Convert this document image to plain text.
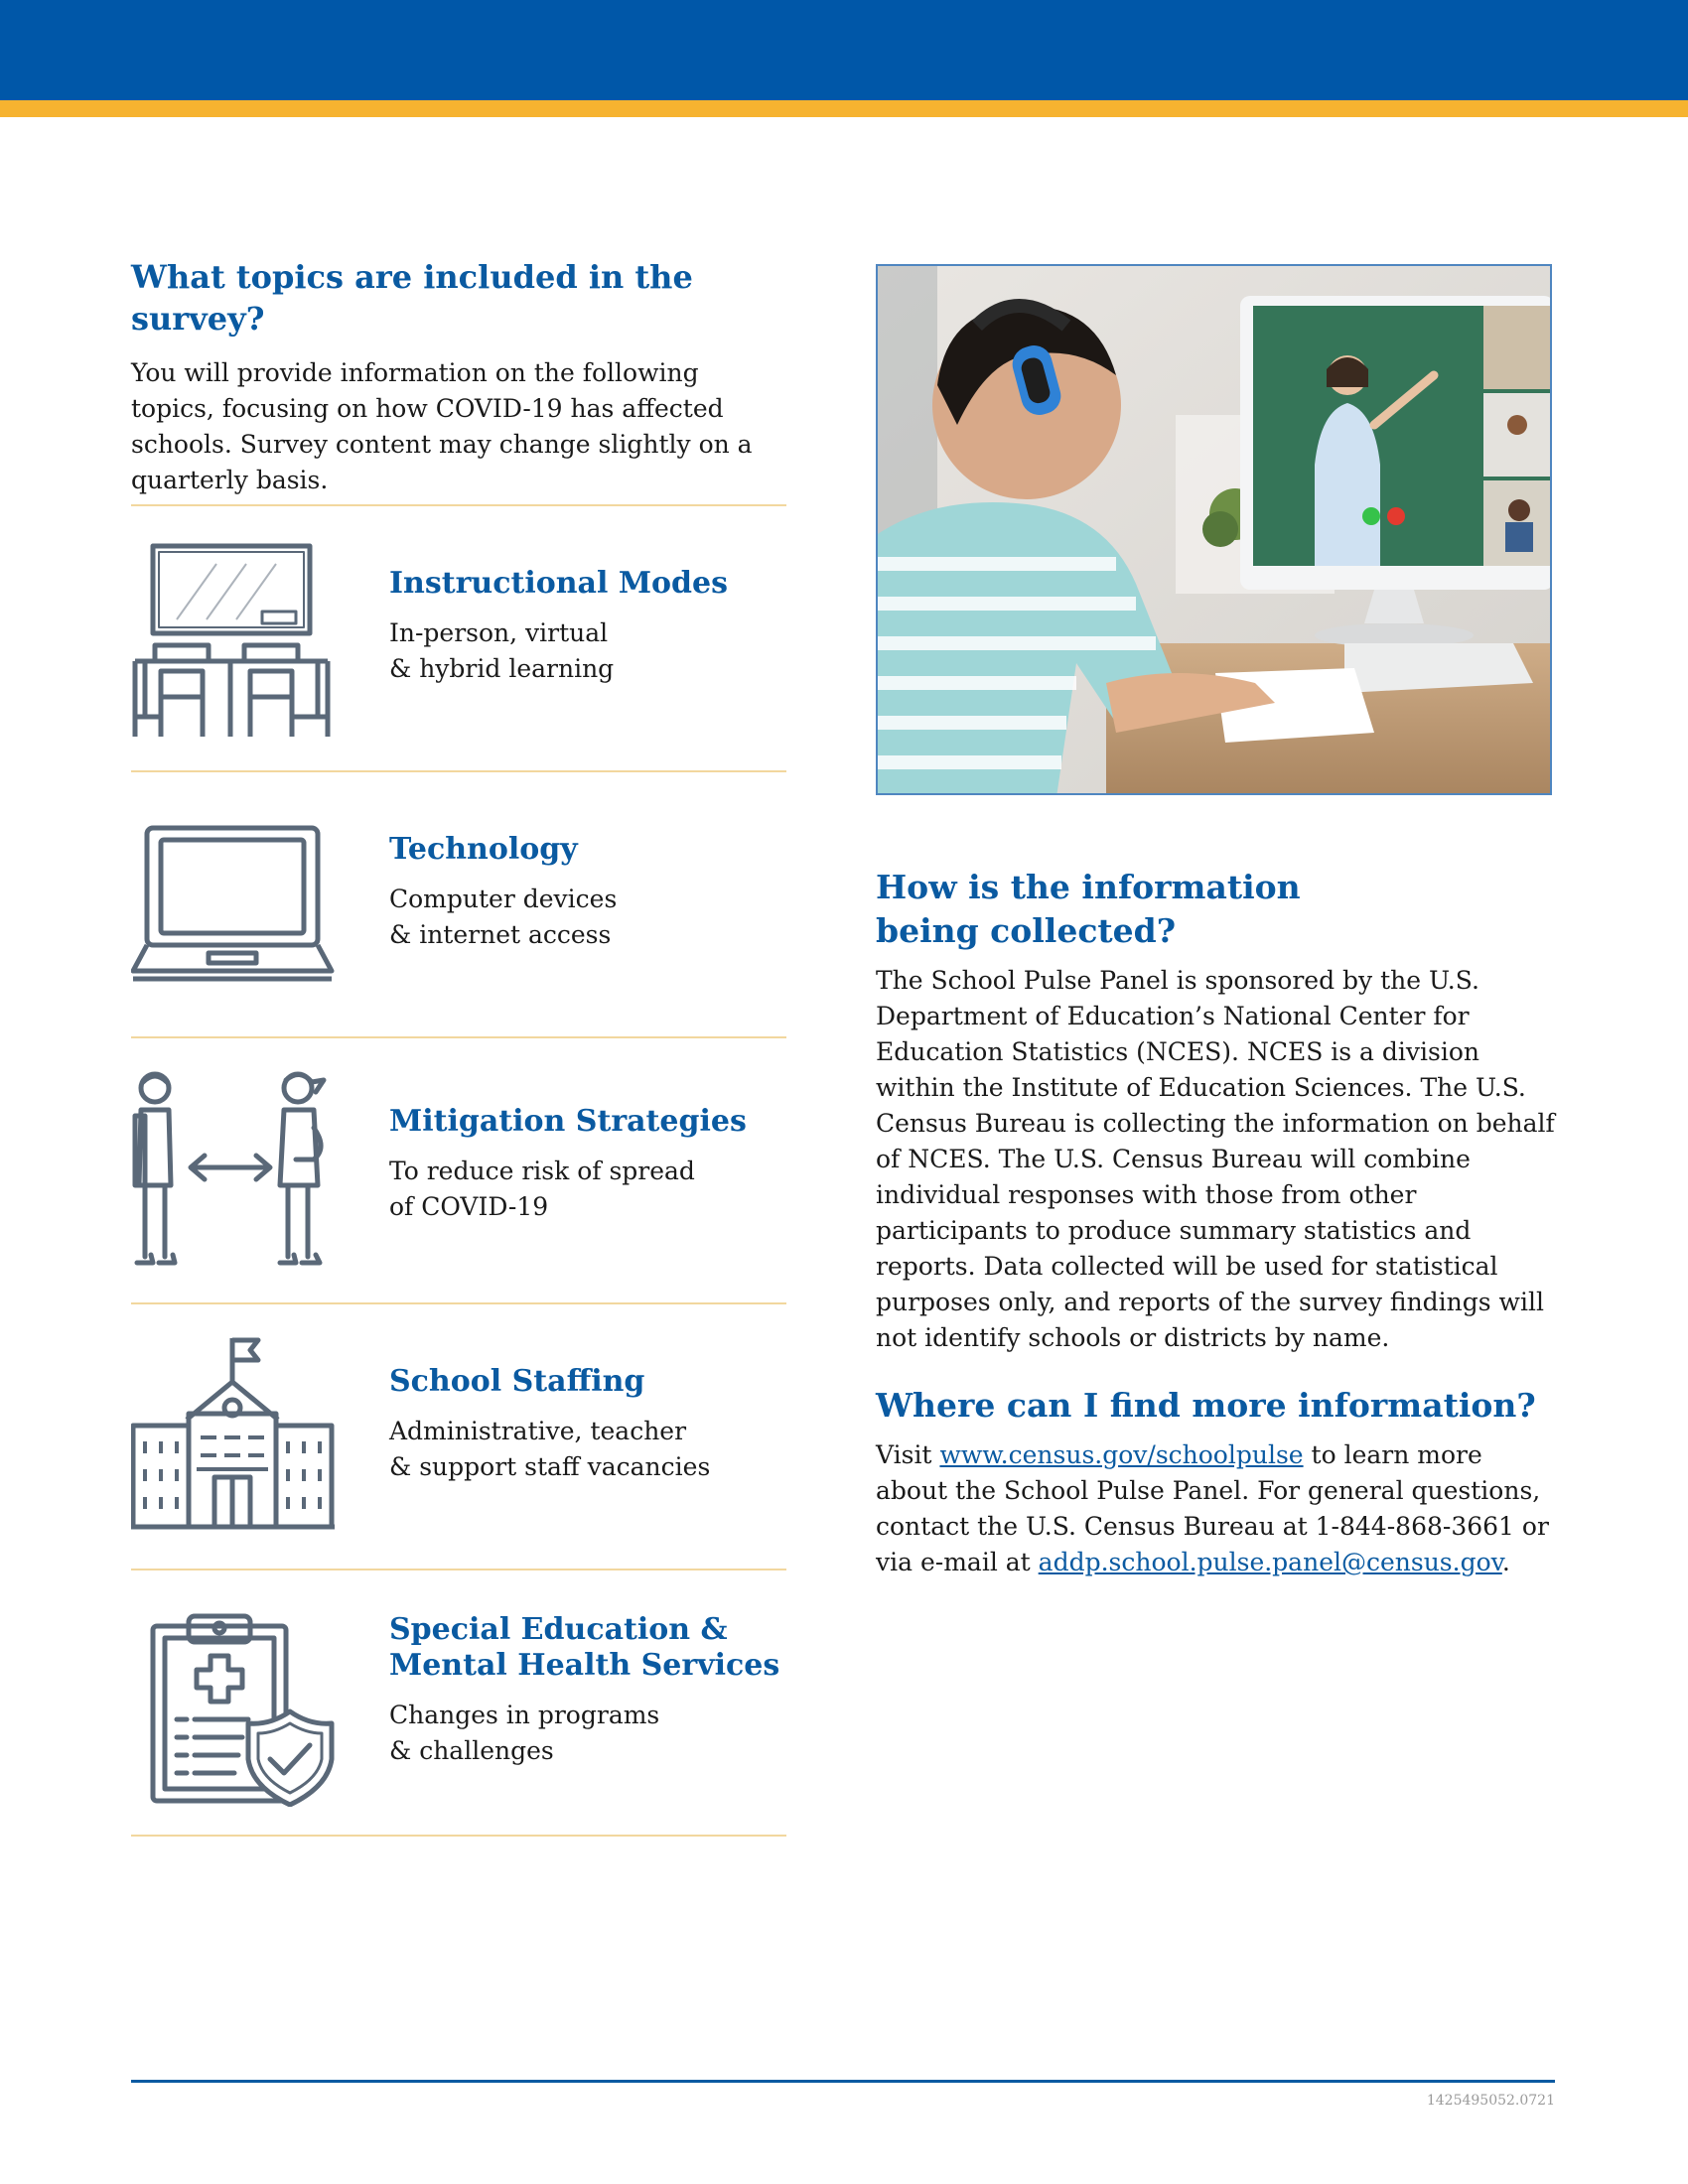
What topics are included in the survey?

You will provide information on the following topics, focusing on how COVID-19 has affected schools. Survey content may change slightly on a quarterly basis.

Instructional Modes

In-person, virtual
& hybrid learning

Technology

Computer devices
& internet access

Mitigation Strategies

To reduce risk of spread
of COVID-19

School Staffing

Administrative, teacher
& support staff vacancies

Special Education &
Mental Health Services

Changes in programs
& challenges

How is the information
being collected?

The School Pulse Panel is sponsored by the U.S. Department of Education’s National Center for Education Statistics (NCES). NCES is a division within the Institute of Education Sciences. The U.S. Census Bureau is collecting the information on behalf of NCES. The U.S. Census Bureau will combine individual responses with those from other participants to produce summary statistics and reports. Data collected will be used for statistical purposes only, and reports of the survey findings will not identify schools or districts by name.

Where can I find more information?

Visit www.census.gov/schoolpulse to learn more about the School Pulse Panel. For general questions, contact the U.S. Census Bureau at 1-844-868-3661 or via e-mail at addp.school.pulse.panel@census.gov.

1425495052.0721
